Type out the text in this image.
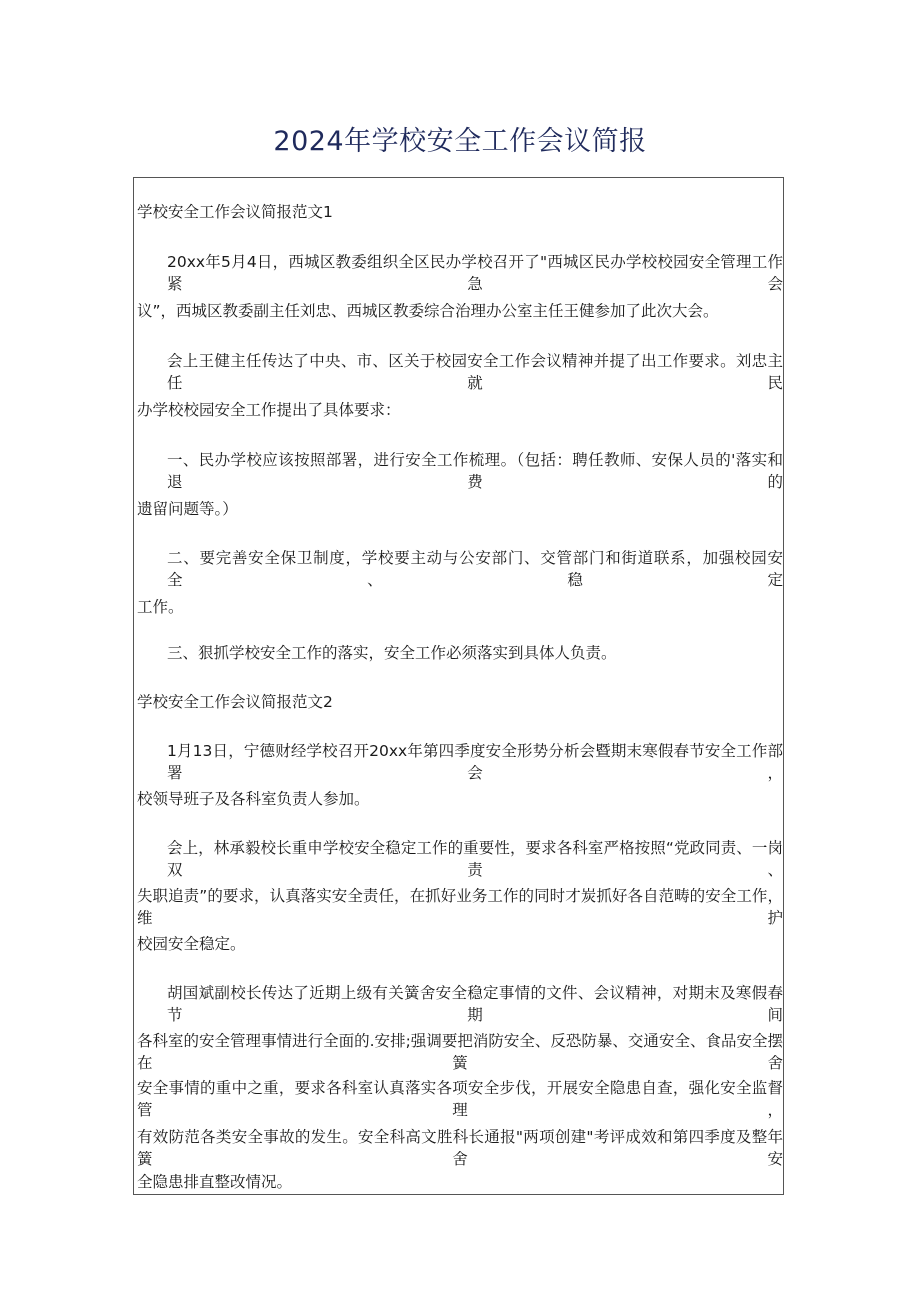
2024年学校安全工作会议简报
学校安全工作会议简报范文1
20xx年5月4日，西城区教委组织全区民办学校召开了"西城区民办学校校园安全管理工作紧急会
议”，西城区教委副主任刘忠、西城区教委综合治理办公室主任王健参加了此次大会。
会上王健主任传达了中央、市、区关于校园安全工作会议精神并提了出工作要求。刘忠主任就民
办学校校园安全工作提出了具体要求：
一、民办学校应该按照部署，进行安全工作梳理。（包括：聘任教师、安保人员的'落实和退费的
遗留问题等。）
二、要完善安全保卫制度，学校要主动与公安部门、交管部门和街道联系，加强校园安全、稳定
工作。
三、狠抓学校安全工作的落实，安全工作必须落实到具体人负责。
学校安全工作会议简报范文2
1月13日，宁德财经学校召开20xx年第四季度安全形势分析会暨期末寒假春节安全工作部署会，
校领导班子及各科室负责人参加。
会上，林承毅校长重申学校安全稳定工作的重要性，要求各科室严格按照“党政同责、一岗双责、
失职追责”的要求，认真落实安全责任，在抓好业务工作的同时才炭抓好各自范畴的安全工作，维护
校园安全稳定。
胡国斌副校长传达了近期上级有关簧舍安全稳定事情的文件、会议精神，对期末及寒假春节期间
各科室的安全管理事情进行全面的.安排;强调要把消防安全、反恐防暴、交通安全、食品安全摆在簧舍
安全事情的重中之重，要求各科室认真落实各项安全步伐，开展安全隐患自查，强化安全监督管理，
有效防范各类安全事故的发生。安全科高文胜科长通报"两项创建"考评成效和第四季度及整年簧舍安
全隐患排直整改情况。
